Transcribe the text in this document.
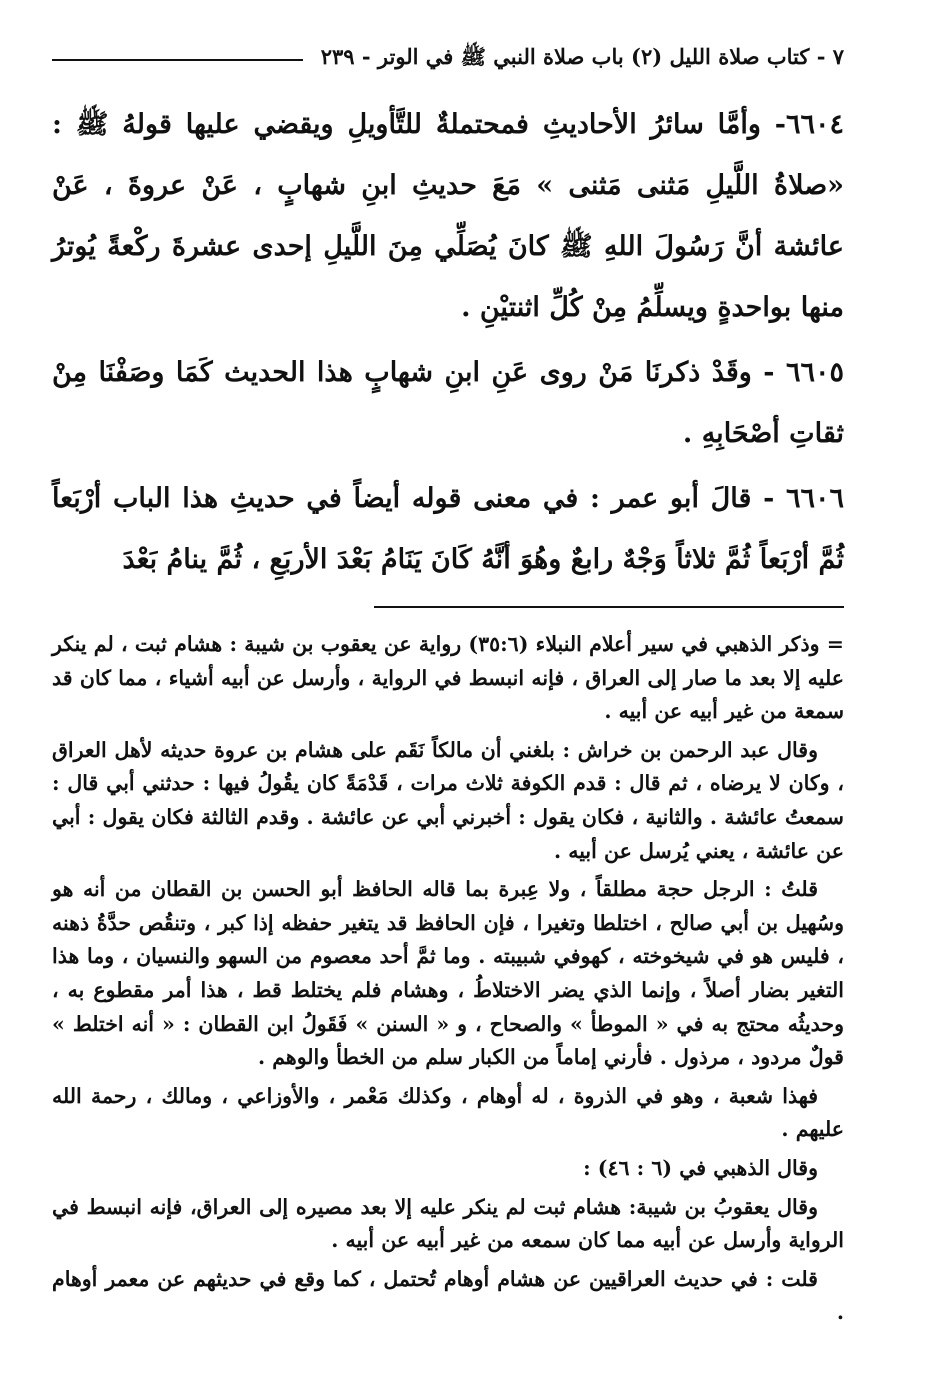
٧ - كتاب صلاة الليل (٢) باب صلاة النبي ﷺ في الوتر - ٢٣٩

٦٦٠٤- وأمَّا سائرُ الأحاديثِ فمحتملةٌ للتَّأويلِ ويقضي عليها قولهُ ﷺ : «صلاةُ اللَّيلِ مَثنى مَثنى » مَعَ حديثِ ابنِ شهابٍ ، عَنْ عروةَ ، عَنْ عائشة أنَّ رَسُولَ اللهِ ﷺ كانَ يُصَلِّي مِنَ اللَّيلِ إحدى عشرةَ ركْعةً يُوترُ منها بواحدةٍ ويسلِّمُ مِنْ كُلِّ اثنتيْنِ .

٦٦٠٥ - وقَدْ ذكرنَا مَنْ روى عَنِ ابنِ شهابٍ هذا الحديث كَمَا وصَفْنَا مِنْ ثقاتِ أصْحَابِهِ .

٦٦٠٦ - قالَ أبو عمر : في معنى قوله أيضاً في حديثِ هذا الباب أرْبَعاً ثُمَّ أرْبَعاً ثُمَّ ثلاثاً وَجْهٌ رابعٌ وهُوَ أنَّهُ كَانَ يَنَامُ بَعْدَ الأربَعِ ، ثُمَّ ينامُ بَعْدَ

= وذكر الذهبي في سير أعلام النبلاء (٣٥:٦) رواية عن يعقوب بن شيبة : هشام ثبت ، لم ينكر عليه إلا بعد ما صار إلى العراق ، فإنه انبسط في الرواية ، وأرسل عن أبيه أشياء ، مما كان قد سمعة من غير أبيه عن أبيه .

وقال عبد الرحمن بن خراش : بلغني أن مالكاً نَقَم على هشام بن عروة حديثه لأهل العراق ، وكان لا يرضاه ، ثم قال : قدم الكوفة ثلاث مرات ، قَدْمَةً كان يقُولُ فيها : حدثني أبي قال : سمعتُ عائشة . والثانية ، فكان يقول : أخبرني أبي عن عائشة . وقدم الثالثة فكان يقول : أبي عن عائشة ، يعني يُرسل عن أبيه .

قلتُ : الرجل حجة مطلقاً ، ولا عِبرة بما قاله الحافظ أبو الحسن بن القطان من أنه هو وسُهيل بن أبي صالح ، اختلطا وتغيرا ، فإن الحافظ قد يتغير حفظه إذا كبر ، وتنقُص حدَّةُ ذهنه ، فليس هو في شيخوخته ، كهوفي شبيبته . وما ثمَّ أحد معصوم من السهو والنسيان ، وما هذا التغير بضار أصلاً ، وإنما الذي يضر الاختلاطُ ، وهشام فلم يختلط قط ، هذا أمر مقطوع به ، وحديثُه محتج به في « الموطأ » والصحاح ، و « السنن » فَقَولُ ابن القطان : « أنه اختلط » قولٌ مردود ، مرذول . فأرني إماماً من الكبار سلم من الخطأ والوهم .

فهذا شعبة ، وهو في الذروة ، له أوهام ، وكذلك مَعْمر ، والأوزاعي ، ومالك ، رحمة الله عليهم .

وقال الذهبي في (٦ : ٤٦) :

وقال يعقوبُ بن شيبة: هشام ثبت لم ينكر عليه إلا بعد مصيره إلى العراق، فإنه انبسط في الرواية وأرسل عن أبيه مما كان سمعه من غير أبيه عن أبيه .

قلت : في حديث العراقيين عن هشام أوهام تُحتمل ، كما وقع في حديثهم عن معمر أوهام .
